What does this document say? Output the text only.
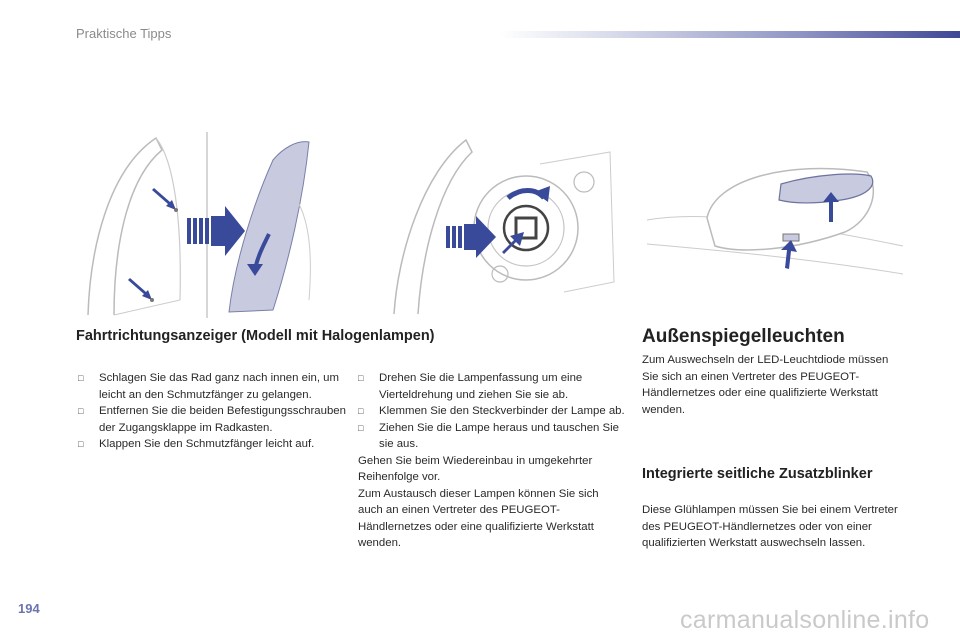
Praktische Tipps
Fahrtrichtungsanzeiger (Modell mit Halogenlampen)
□ Schlagen Sie das Rad ganz nach innen ein, um leicht an den Schmutzfänger zu gelangen.
□ Entfernen Sie die beiden Befestigungsschrauben der Zugangsklappe im Radkasten.
□ Klappen Sie den Schmutzfänger leicht auf.
□ Drehen Sie die Lampenfassung um eine Vierteldrehung und ziehen Sie sie ab.
□ Klemmen Sie den Steckverbinder der Lampe ab.
□ Ziehen Sie die Lampe heraus und tauschen Sie sie aus.
Gehen Sie beim Wiedereinbau in umgekehrter Reihenfolge vor.
Zum Austausch dieser Lampen können Sie sich auch an einen Vertreter des PEUGEOT-Händlernetzes oder eine qualifizierte Werkstatt wenden.
Außenspiegelleuchten
Zum Auswechseln der LED-Leuchtdiode müssen Sie sich an einen Vertreter des PEUGEOT-Händlernetzes oder eine qualifizierte Werkstatt wenden.
Integrierte seitliche Zusatzblinker
Diese Glühlampen müssen Sie bei einem Vertreter des PEUGEOT-Händlernetzes oder von einer qualifizierten Werkstatt auswechseln lassen.
194	carmanualsonline.info
